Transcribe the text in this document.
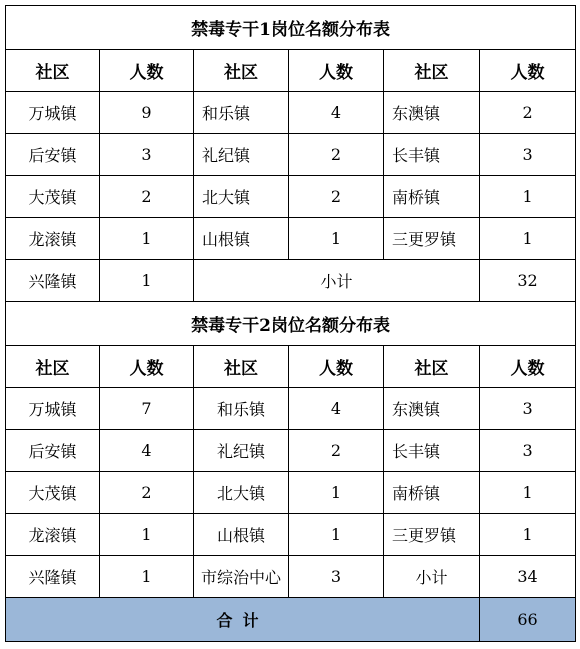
禁毒专干1岗位名额分布表					
社区	人数	社区	人数	社区	人数
万城镇	9	和乐镇	4	东澳镇	2
后安镇	3	礼纪镇	2	长丰镇	3
大茂镇	2	北大镇	2	南桥镇	1
龙滚镇	1	山根镇	1	三更罗镇	1
兴隆镇	1	小计			32
禁毒专干2岗位名额分布表					
社区	人数	社区	人数	社区	人数
万城镇	7	和乐镇	4	东澳镇	3
后安镇	4	礼纪镇	2	长丰镇	3
大茂镇	2	北大镇	1	南桥镇	1
龙滚镇	1	山根镇	1	三更罗镇	1
兴隆镇	1	市综治中心	3	小计	34
合计					66
